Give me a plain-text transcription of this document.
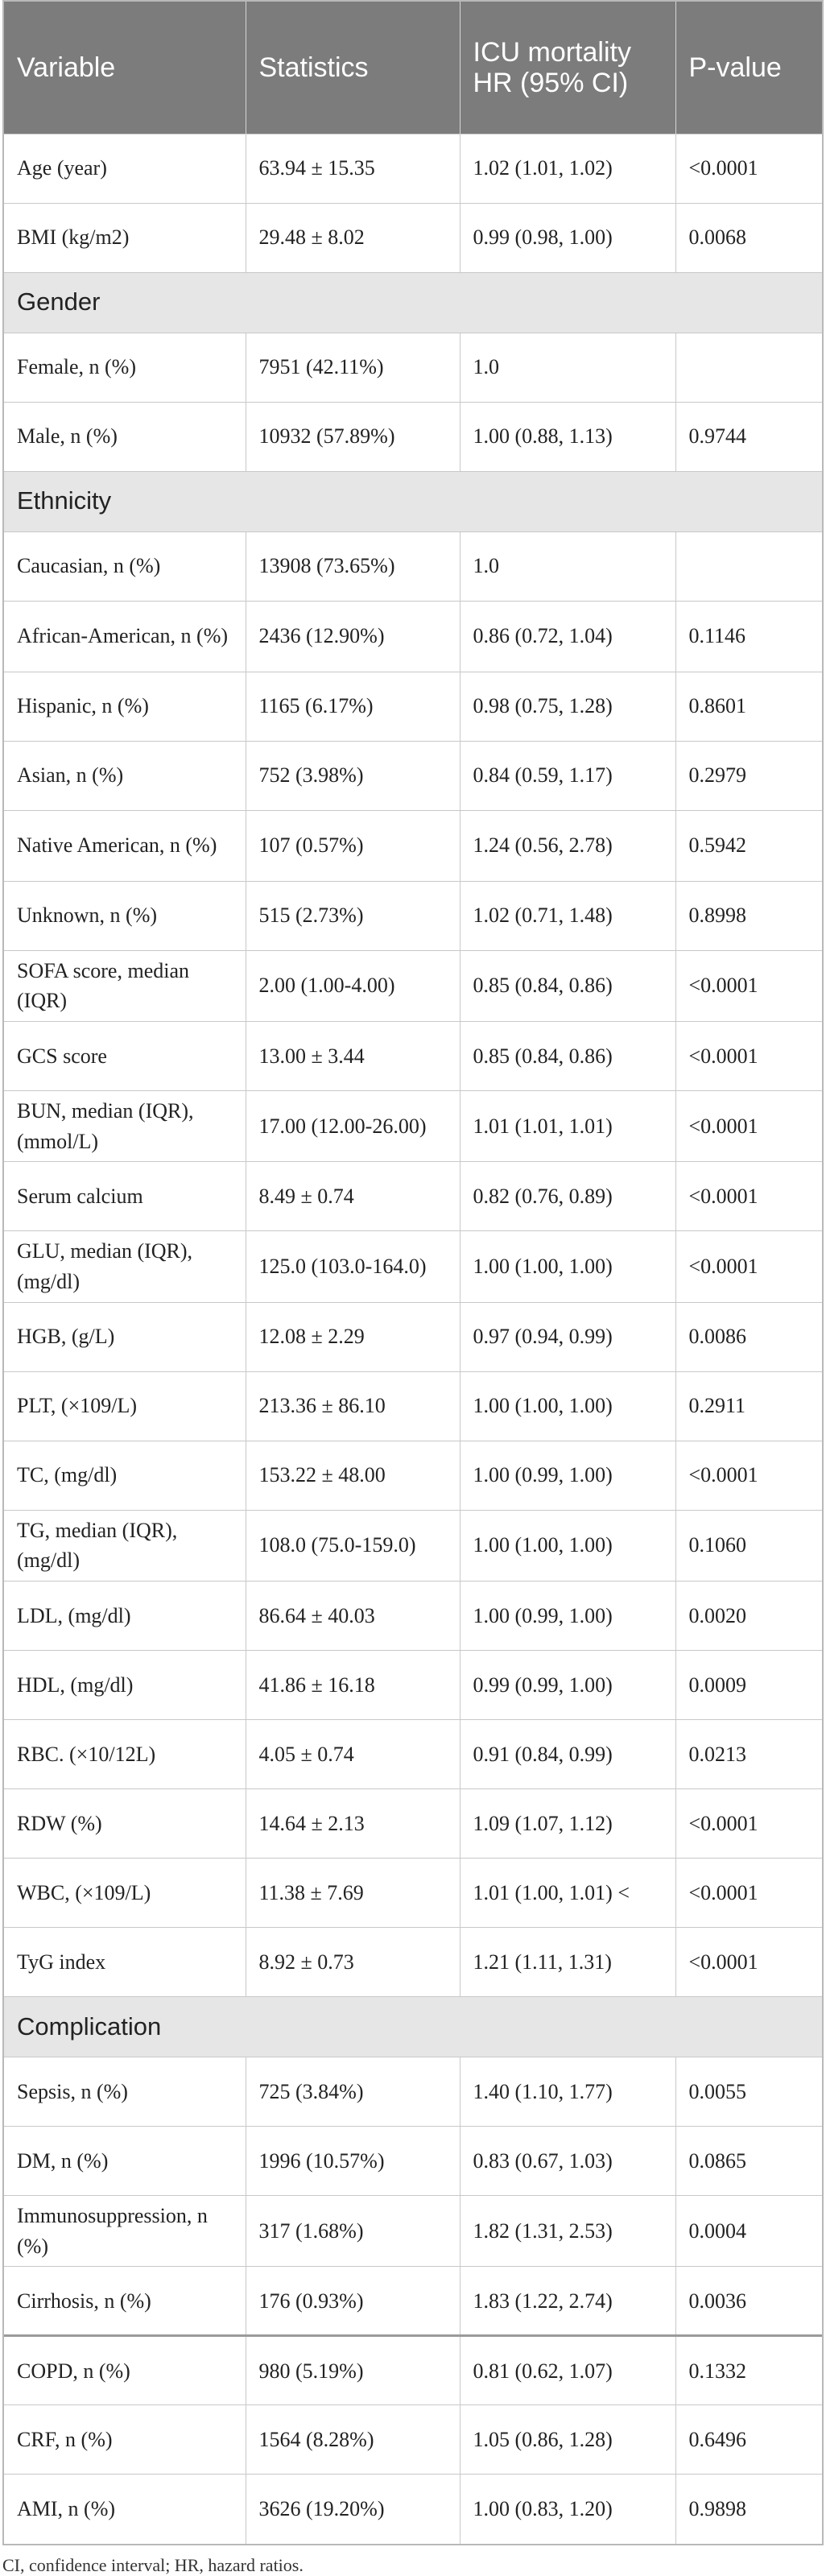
Variable	Statistics	ICU mortality HR (95% CI)	P-value
Age (year)	63.94 ± 15.35	1.02 (1.01, 1.02)	<0.0001
BMI (kg/m2)	29.48 ± 8.02	0.99 (0.98, 1.00)	0.0068
Gender			
Female, n (%)	7951 (42.11%)	1.0	
Male, n (%)	10932 (57.89%)	1.00 (0.88, 1.13)	0.9744
Ethnicity			
Caucasian, n (%)	13908 (73.65%)	1.0	
African-American, n (%)	2436 (12.90%)	0.86 (0.72, 1.04)	0.1146
Hispanic, n (%)	1165 (6.17%)	0.98 (0.75, 1.28)	0.8601
Asian, n (%)	752 (3.98%)	0.84 (0.59, 1.17)	0.2979
Native American, n (%)	107 (0.57%)	1.24 (0.56, 2.78)	0.5942
Unknown, n (%)	515 (2.73%)	1.02 (0.71, 1.48)	0.8998
SOFA score, median (IQR)	2.00 (1.00-4.00)	0.85 (0.84, 0.86)	<0.0001
GCS score	13.00 ± 3.44	0.85 (0.84, 0.86)	<0.0001
BUN, median (IQR), (mmol/L)	17.00 (12.00-26.00)	1.01 (1.01, 1.01)	<0.0001
Serum calcium	8.49 ± 0.74	0.82 (0.76, 0.89)	<0.0001
GLU, median (IQR), (mg/dl)	125.0 (103.0-164.0)	1.00 (1.00, 1.00)	<0.0001
HGB, (g/L)	12.08 ± 2.29	0.97 (0.94, 0.99)	0.0086
PLT, (×109/L)	213.36 ± 86.10	1.00 (1.00, 1.00)	0.2911
TC, (mg/dl)	153.22 ± 48.00	1.00 (0.99, 1.00)	<0.0001
TG, median (IQR), (mg/dl)	108.0 (75.0-159.0)	1.00 (1.00, 1.00)	0.1060
LDL, (mg/dl)	86.64 ± 40.03	1.00 (0.99, 1.00)	0.0020
HDL, (mg/dl)	41.86 ± 16.18	0.99 (0.99, 1.00)	0.0009
RBC. (×10/12L)	4.05 ± 0.74	0.91 (0.84, 0.99)	0.0213
RDW (%)	14.64 ± 2.13	1.09 (1.07, 1.12)	<0.0001
WBC, (×109/L)	11.38 ± 7.69	1.01 (1.00, 1.01) <	<0.0001
TyG index	8.92 ± 0.73	1.21 (1.11, 1.31)	<0.0001
Complication			
Sepsis, n (%)	725 (3.84%)	1.40 (1.10, 1.77)	0.0055
DM, n (%)	1996 (10.57%)	0.83 (0.67, 1.03)	0.0865
Immunosuppression, n (%)	317 (1.68%)	1.82 (1.31, 2.53)	0.0004
Cirrhosis, n (%)	176 (0.93%)	1.83 (1.22, 2.74)	0.0036
COPD, n (%)	980 (5.19%)	0.81 (0.62, 1.07)	0.1332
CRF, n (%)	1564 (8.28%)	1.05 (0.86, 1.28)	0.6496
AMI, n (%)	3626 (19.20%)	1.00 (0.83, 1.20)	0.9898
CI, confidence interval; HR, hazard ratios.
